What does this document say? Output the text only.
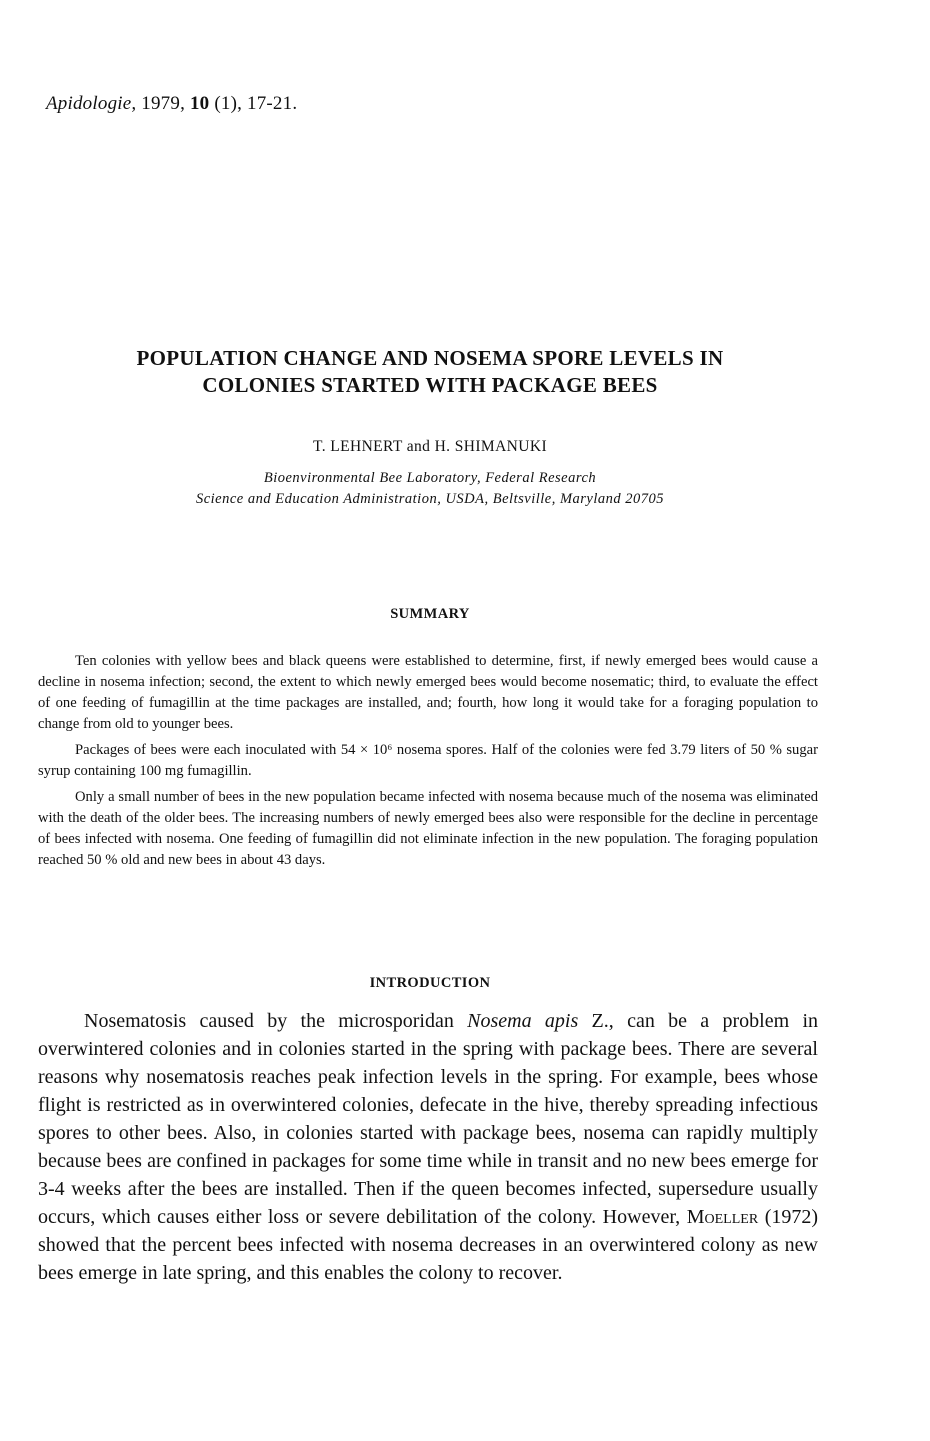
Apidologie, 1979, 10 (1), 17-21.
POPULATION CHANGE AND NOSEMA SPORE LEVELS IN
COLONIES STARTED WITH PACKAGE BEES
T. LEHNERT and H. SHIMANUKI
Bioenvironmental Bee Laboratory, Federal Research
Science and Education Administration, USDA, Beltsville, Maryland 20705
SUMMARY

Ten colonies with yellow bees and black queens were established to determine, first, if newly emerged bees would cause a decline in nosema infection; second, the extent to which newly emerged bees would become nosematic; third, to evaluate the effect of one feeding of fumagillin at the time packages are installed, and; fourth, how long it would take for a foraging population to change from old to younger bees.

Packages of bees were each inoculated with 54 × 10⁶ nosema spores. Half of the colonies were fed 3.79 liters of 50 % sugar syrup containing 100 mg fumagillin.

Only a small number of bees in the new population became infected with nosema because much of the nosema was eliminated with the death of the older bees. The increasing numbers of newly emerged bees also were responsible for the decline in percentage of bees infected with nosema. One feeding of fumagillin did not eliminate infection in the new population. The foraging population reached 50 % old and new bees in about 43 days.

INTRODUCTION

Nosematosis caused by the microsporidan Nosema apis Z., can be a problem in overwintered colonies and in colonies started in the spring with package bees. There are several reasons why nosematosis reaches peak infection levels in the spring. For example, bees whose flight is restricted as in overwintered colonies, defecate in the hive, thereby spreading infectious spores to other bees. Also, in colonies started with package bees, nosema can rapidly multiply because bees are confined in packages for some time while in transit and no new bees emerge for 3-4 weeks after the bees are installed. Then if the queen becomes infected, supersedure usually occurs, which causes either loss or severe debilitation of the colony. However, Moeller (1972) showed that the percent bees infected with nosema decreases in an overwintered colony as new bees emerge in late spring, and this enables the colony to recover.
